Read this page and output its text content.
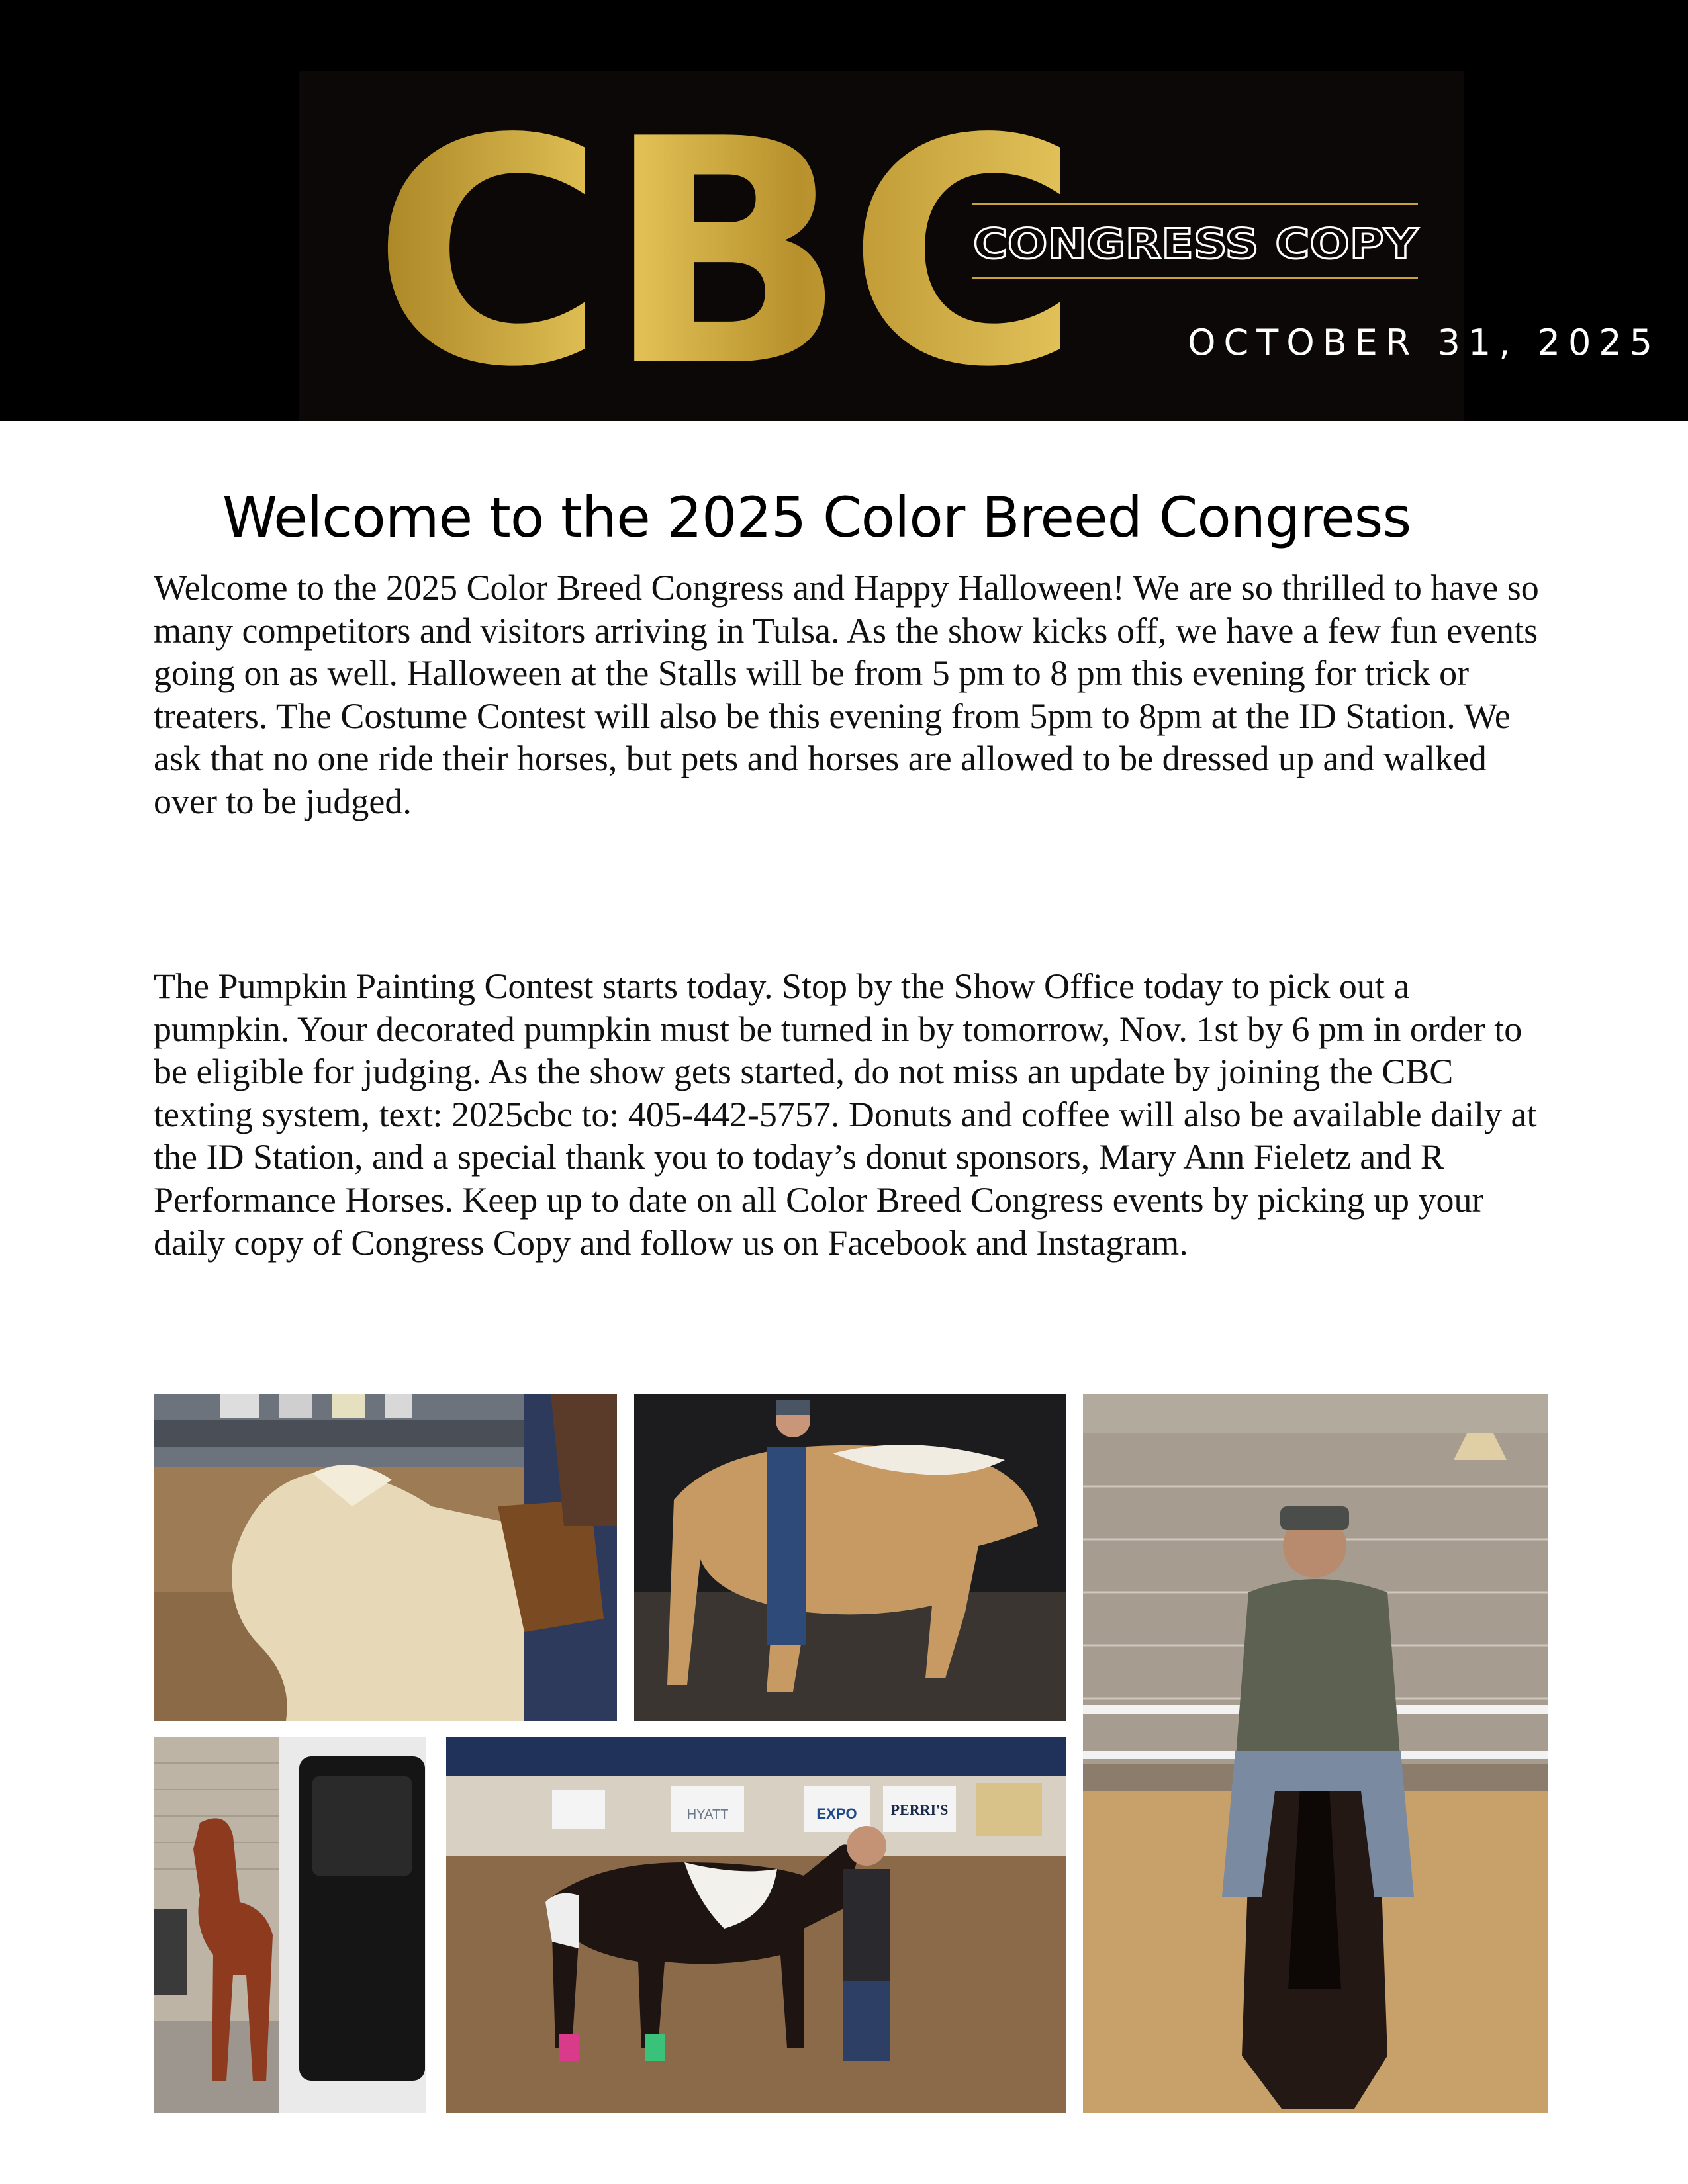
CBC
CONGRESS COPY
OCTOBER 31, 2025
Welcome to the 2025 Color Breed Congress
Welcome to the 2025 Color Breed Congress and Happy Halloween! We are so thrilled to have so many competitors and visitors arriving in Tulsa. As the show kicks off, we have a few fun events going on as well. Halloween at the Stalls will be from 5 pm to 8 pm this evening for trick or treaters. The Costume Contest will also be this evening from 5pm to 8pm at the ID Station. We ask that no one ride their horses, but pets and horses are allowed to be dressed up and walked over to be judged.
The Pumpkin Painting Contest starts today. Stop by the Show Office today to pick out a pumpkin. Your decorated pumpkin must be turned in by tomorrow, Nov. 1st by 6 pm in order to be eligible for judging. As the show gets started, do not miss an update by joining the CBC texting system, text: 2025cbc to: 405-442-5757. Donuts and coffee will also be available daily at the ID Station, and a special thank you to today’s donut sponsors, Mary Ann Fieletz and R Performance Horses. Keep up to date on all Color Breed Congress events by picking up your daily copy of Congress Copy and follow us on Facebook and Instagram.
HYATT	EXPO PERRI'S
